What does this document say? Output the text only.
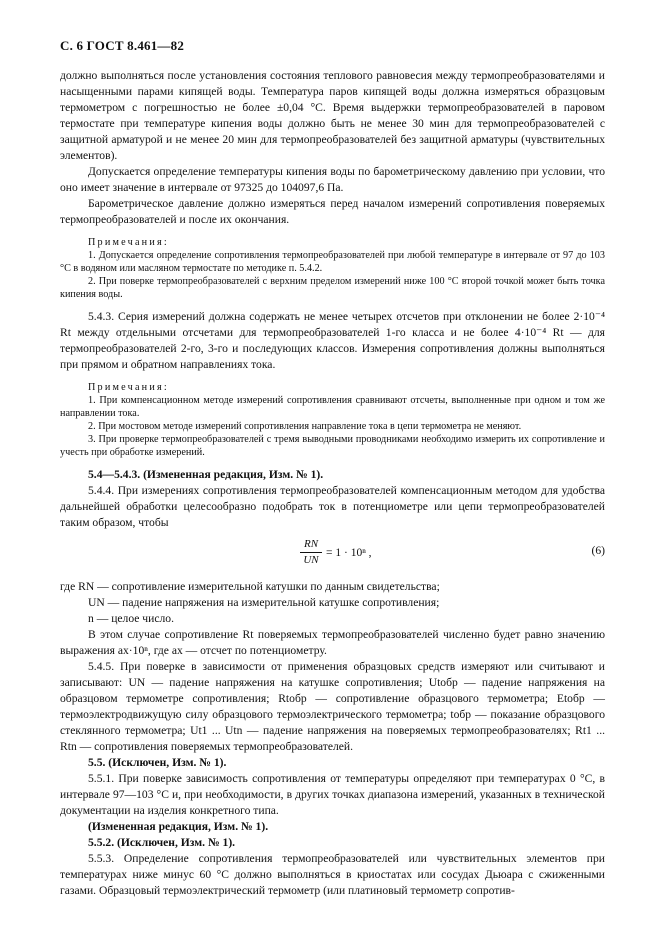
С. 6 ГОСТ 8.461—82

должно выполняться после установления состояния теплового равновесия между термопреобразователями и насыщенными парами кипящей воды. Температура паров кипящей воды должна измеряться образцовым термометром с погрешностью не более ±0,04 °С. Время выдержки термопреобразователей в паровом термостате при температуре кипения воды должно быть не менее 30 мин для термопреобразователей с защитной арматурой и не менее 20 мин для термопреобразователей без защитной арматуры (чувствительных элементов).

Допускается определение температуры кипения воды по барометрическому давлению при условии, что оно имеет значение в интервале от 97325 до 104097,6 Па.

Барометрическое давление должно измеряться перед началом измерений сопротивления поверяемых термопреобразователей и после их окончания.

Примечания:

1. Допускается определение сопротивления термопреобразователей при любой температуре в интервале от 97 до 103 °С в водяном или масляном термостате по методике п. 5.4.2.

2. При поверке термопреобразователей с верхним пределом измерений ниже 100 °С второй точкой может быть точка кипения воды.

5.4.3. Серия измерений должна содержать не менее четырех отсчетов при отклонении не более 2·10⁻⁴ Rt между отдельными отсчетами для термопреобразователей 1-го класса и не более 4·10⁻⁴ Rt — для термопреобразователей 2-го, 3-го и последующих классов. Измерения сопротивления должны выполняться при прямом и обратном направлениях тока.

Примечания:

1. При компенсационном методе измерений сопротивления сравнивают отсчеты, выполненные при одном и том же направлении тока.

2. При мостовом методе измерений сопротивления направление тока в цепи термометра не меняют.

3. При проверке термопреобразователей с тремя выводными проводниками необходимо измерить их сопротивление и учесть при обработке измерений.

5.4—5.4.3. (Измененная редакция, Изм. № 1).

5.4.4. При измерениях сопротивления термопреобразователей компенсационным методом для удобства дальнейшей обработки целесообразно подобрать ток в потенциометре или цепи термопреобразователей таким образом, чтобы

$\frac{RN}{UN} = 1 \cdot 10^n$ ,	(6)

где RN — сопротивление измерительной катушки по данным свидетельства;

UN — падение напряжения на измерительной катушке сопротивления;

n — целое число.

В этом случае сопротивление Rt поверяемых термопреобразователей численно будет равно значению выражения ax·10ⁿ, где ax — отсчет по потенциометру.

5.4.5. При поверке в зависимости от применения образцовых средств измеряют или считывают и записывают: UN — падение напряжения на катушке сопротивления; Utобр — падение напряжения на образцовом термометре сопротивления; Rtобр — сопротивление образцового термометра; Etобр — термоэлектродвижущую силу образцового термоэлектрического термометра; tобр — показание образцового стеклянного термометра; Ut1 ... Utn — падение напряжения на поверяемых термопреобразователях; Rt1 ... Rtn — сопротивления поверяемых термопреобразователей.

5.5. (Исключен, Изм. № 1).

5.5.1. При поверке зависимость сопротивления от температуры определяют при температурах 0 °С, в интервале 97—103 °С и, при необходимости, в других точках диапазона измерений, указанных в технической документации на изделия конкретного типа.

(Измененная редакция, Изм. № 1).

5.5.2. (Исключен, Изм. № 1).

5.5.3. Определение сопротивления термопреобразователей или чувствительных элементов при температурах ниже минус 60 °С должно выполняться в криостатах или сосудах Дьюара с сжиженными газами. Образцовый термоэлектрический термометр (или платиновый термометр сопротив-
